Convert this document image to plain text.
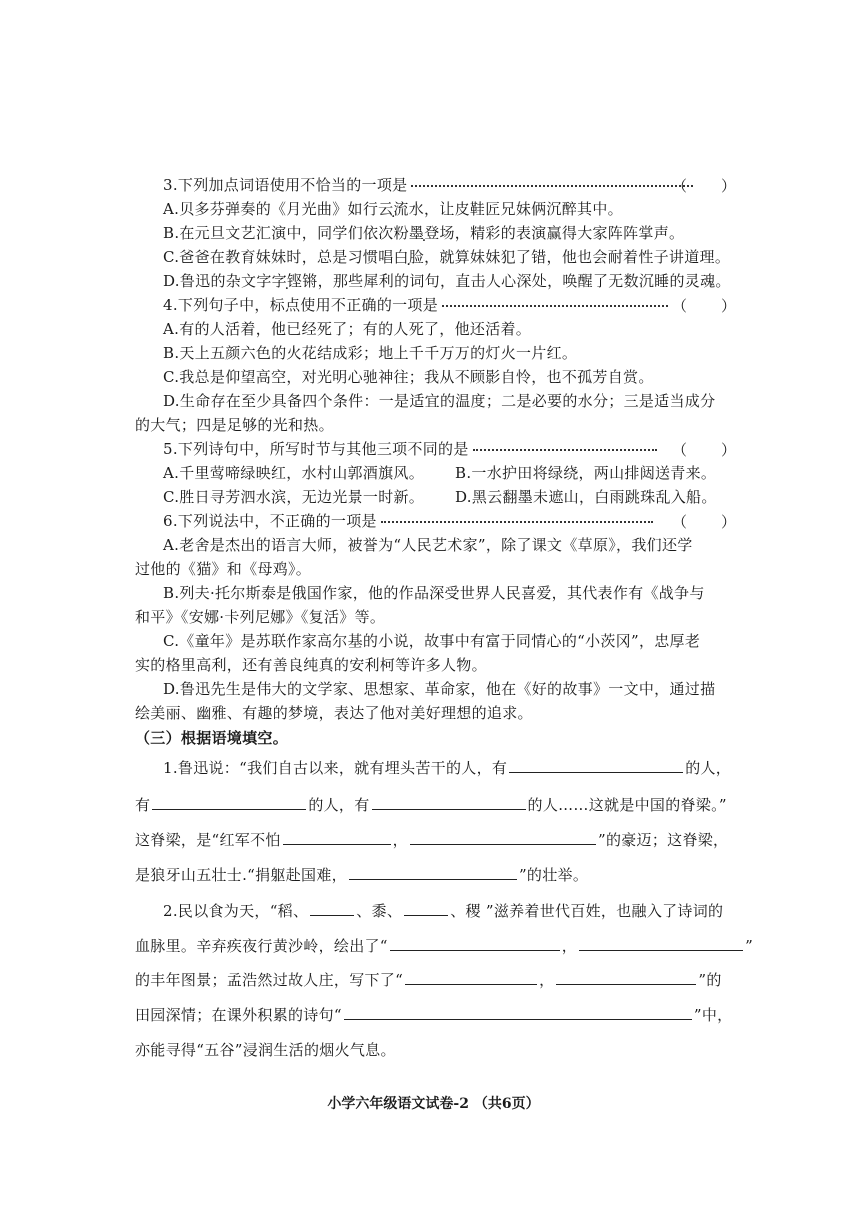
3.下列加点词语使用不恰当的一项是	（ ）
A.贝多芬弹奏的《月光曲》如行云流水，让皮鞋匠兄妹俩沉醉其中。
B.在元旦文艺汇演中，同学们依次粉墨登场，精彩的表演赢得大家阵阵掌声。
C.爸爸在教育妹妹时，总是习惯唱白脸，就算妹妹犯了错，他也会耐着性子讲道理。
D.鲁迅的杂文字字铿锵，那些犀利的词句，直击人心深处，唤醒了无数沉睡的灵魂。
4.下列句子中，标点使用不正确的一项是	（ ）
A.有的人活着，他已经死了；有的人死了，他还活着。
B.天上五颜六色的火花结成彩；地上千千万万的灯火一片红。
C.我总是仰望高空，对光明心驰神往；我从不顾影自怜，也不孤芳自赏。
D.生命存在至少具备四个条件：一是适宜的温度；二是必要的水分；三是适当成分
的大气；四是足够的光和热。
5.下列诗句中，所写时节与其他三项不同的是	（ ）
A.千里莺啼绿映红，水村山郭酒旗风。 B.一水护田将绿绕，两山排闼送青来。
C.胜日寻芳泗水滨，无边光景一时新。 D.黑云翻墨未遮山，白雨跳珠乱入船。
6.下列说法中，不正确的一项是	（ ）
A.老舍是杰出的语言大师，被誉为“人民艺术家”，除了课文《草原》，我们还学
过他的《猫》和《母鸡》。
B.列夫·托尔斯泰是俄国作家，他的作品深受世界人民喜爱，其代表作有《战争与
和平》《安娜·卡列尼娜》《复活》等。
C.《童年》是苏联作家高尔基的小说，故事中有富于同情心的“小茨冈”，忠厚老
实的格里高利，还有善良纯真的安利柯等许多人物。
D.鲁迅先生是伟大的文学家、思想家、革命家，他在《好的故事》一文中，通过描
绘美丽、幽雅、有趣的梦境，表达了他对美好理想的追求。
（三）根据语境填空。
1.鲁迅说：“我们自古以来，就有埋头苦干的人，有	的人，
有	的人，有	的人……这就是中国的脊梁。”
这脊梁，是“红军不怕	，	”的豪迈；这脊梁，
是狼牙山五壮士.“捐躯赴国难，	”的壮举。
2.民以食为天，“稻、	、黍、	、稷 ”滋养着世代百姓，也融入了诗词的
血脉里。辛弃疾夜行黄沙岭，绘出了“	，	”
的丰年图景；孟浩然过故人庄，写下了“	，	”的
田园深情；在课外积累的诗句“	”中，
亦能寻得“五谷”浸润生活的烟火气息。
小学六年级语文试卷-2 （共6页）
